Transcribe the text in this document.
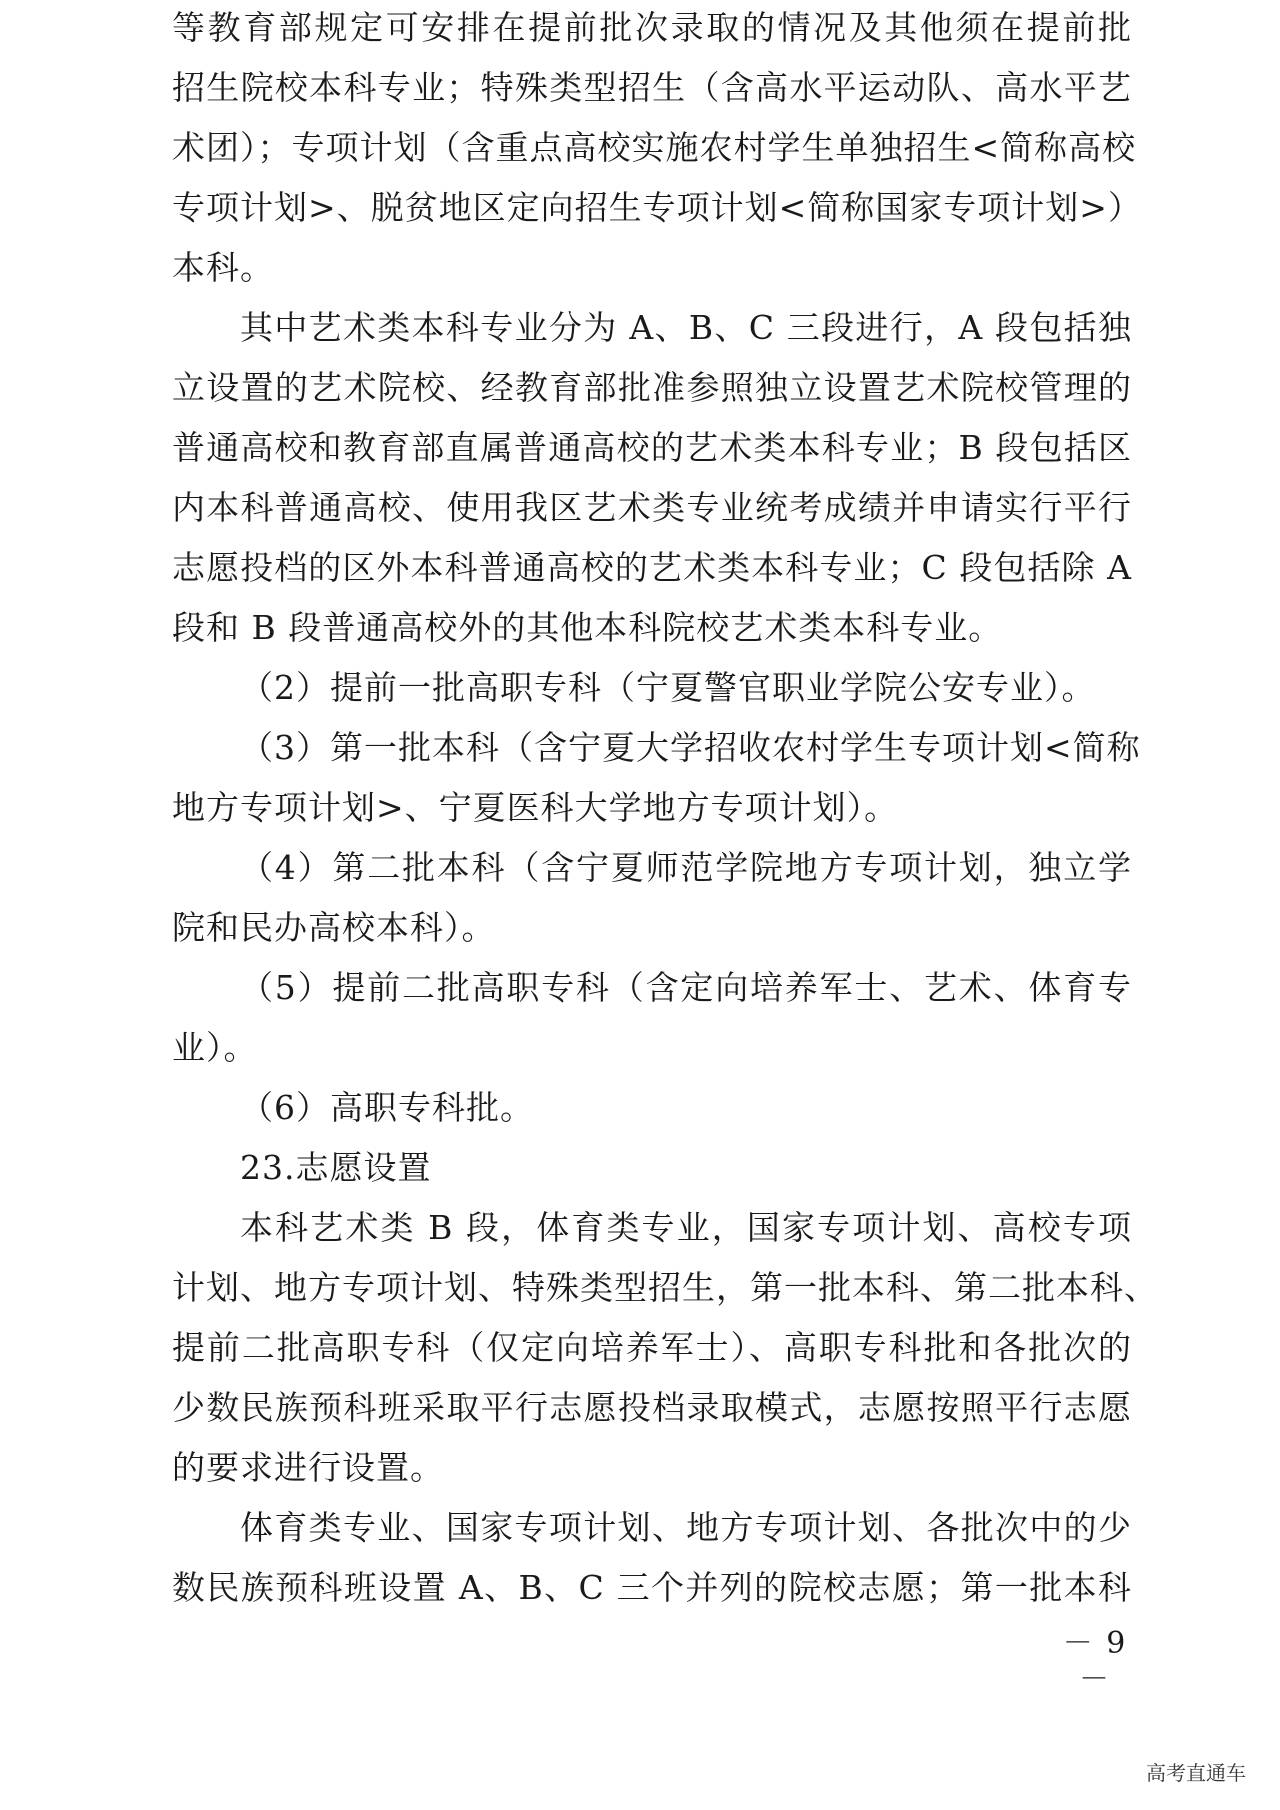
等教育部规定可安排在提前批次录取的情况及其他须在提前批
招生院校本科专业；特殊类型招生（含高水平运动队、高水平艺
术团）；专项计划（含重点高校实施农村学生单独招生<简称高校
专项计划>、脱贫地区定向招生专项计划<简称国家专项计划>）
本科。
其中艺术类本科专业分为 A、B、C 三段进行，A 段包括独
立设置的艺术院校、经教育部批准参照独立设置艺术院校管理的
普通高校和教育部直属普通高校的艺术类本科专业；B 段包括区
内本科普通高校、使用我区艺术类专业统考成绩并申请实行平行
志愿投档的区外本科普通高校的艺术类本科专业；C 段包括除 A
段和 B 段普通高校外的其他本科院校艺术类本科专业。
（2）提前一批高职专科（宁夏警官职业学院公安专业）。
（3）第一批本科（含宁夏大学招收农村学生专项计划<简称
地方专项计划>、宁夏医科大学地方专项计划）。
（4）第二批本科（含宁夏师范学院地方专项计划，独立学
院和民办高校本科）。
（5）提前二批高职专科（含定向培养军士、艺术、体育专
业）。
（6）高职专科批。
23.志愿设置
本科艺术类 B 段，体育类专业，国家专项计划、高校专项
计划、地方专项计划、特殊类型招生，第一批本科、第二批本科、
提前二批高职专科（仅定向培养军士）、高职专科批和各批次的
少数民族预科班采取平行志愿投档录取模式，志愿按照平行志愿
的要求进行设置。
体育类专业、国家专项计划、地方专项计划、各批次中的少
数民族预科班设置 A、B、C 三个并列的院校志愿；第一批本科
－ 9 －
高考直通车
